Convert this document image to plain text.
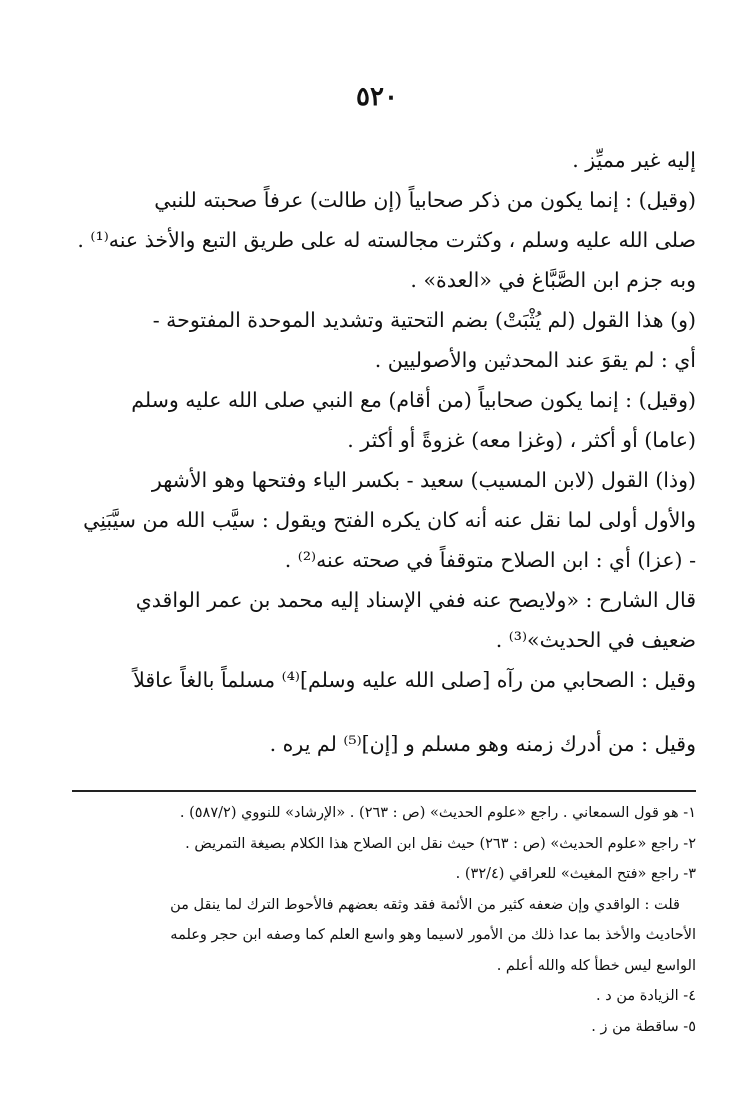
٥٢٠
إليه غير مميِّز .
(وقيل) : إنما يكون من ذكر صحابياً (إن طالت) عرفاً صحبته للنبي
صلى الله عليه وسلم ، وكثرت مجالسته له على طريق التبع والأخذ عنه⁽¹⁾ .
وبه جزم ابن الصَّبَّاغ في «العدة» .
(و) هذا القول (لم يُثْبَتْ) بضم التحتية وتشديد الموحدة المفتوحة -
أي : لم يقوَ عند المحدثين والأصوليين .
(وقيل) : إنما يكون صحابياً (من أقام) مع النبي صلى الله عليه وسلم
(عاما) أو أكثر ، (وغزا معه) غزوةً أو أكثر .
(وذا) القول (لابن المسيب) سعيد - بكسر الياء وفتحها وهو الأشهر
والأول أولى لما نقل عنه أنه كان يكره الفتح ويقول : سيَّب الله من سيَّبَنِي
- (عزا) أي : ابن الصلاح متوقفاً في صحته عنه⁽²⁾ .
قال الشارح : «ولايصح عنه ففي الإسناد إليه محمد بن عمر الواقدي
ضعيف في الحديث»⁽³⁾ .
وقيل : الصحابي من رآه [صلى الله عليه وسلم]⁽⁴⁾ مسلماً بالغاً عاقلاً
وقيل : من أدرك زمنه وهو مسلم و [إن]⁽⁵⁾ لم يره .
١- هو قول السمعاني . راجع «علوم الحديث» (ص : ٢٦٣) . «الإرشاد» للنووي (٥٨٧/٢) .
٢- راجع «علوم الحديث» (ص : ٢٦٣) حيث نقل ابن الصلاح هذا الكلام بصيغة التمريض .
٣- راجع «فتح المغيث» للعراقي (٣٢/٤) .
قلت : الواقدي وإن ضعفه كثير من الأئمة فقد وثقه بعضهم فالأحوط الترك لما ينقل من
الأحاديث والأخذ بما عدا ذلك من الأمور لاسيما وهو واسع العلم كما وصفه ابن حجر وعلمه
الواسع ليس خطأ كله والله أعلم .
٤- الزيادة من د .
٥- ساقطة من ز .
